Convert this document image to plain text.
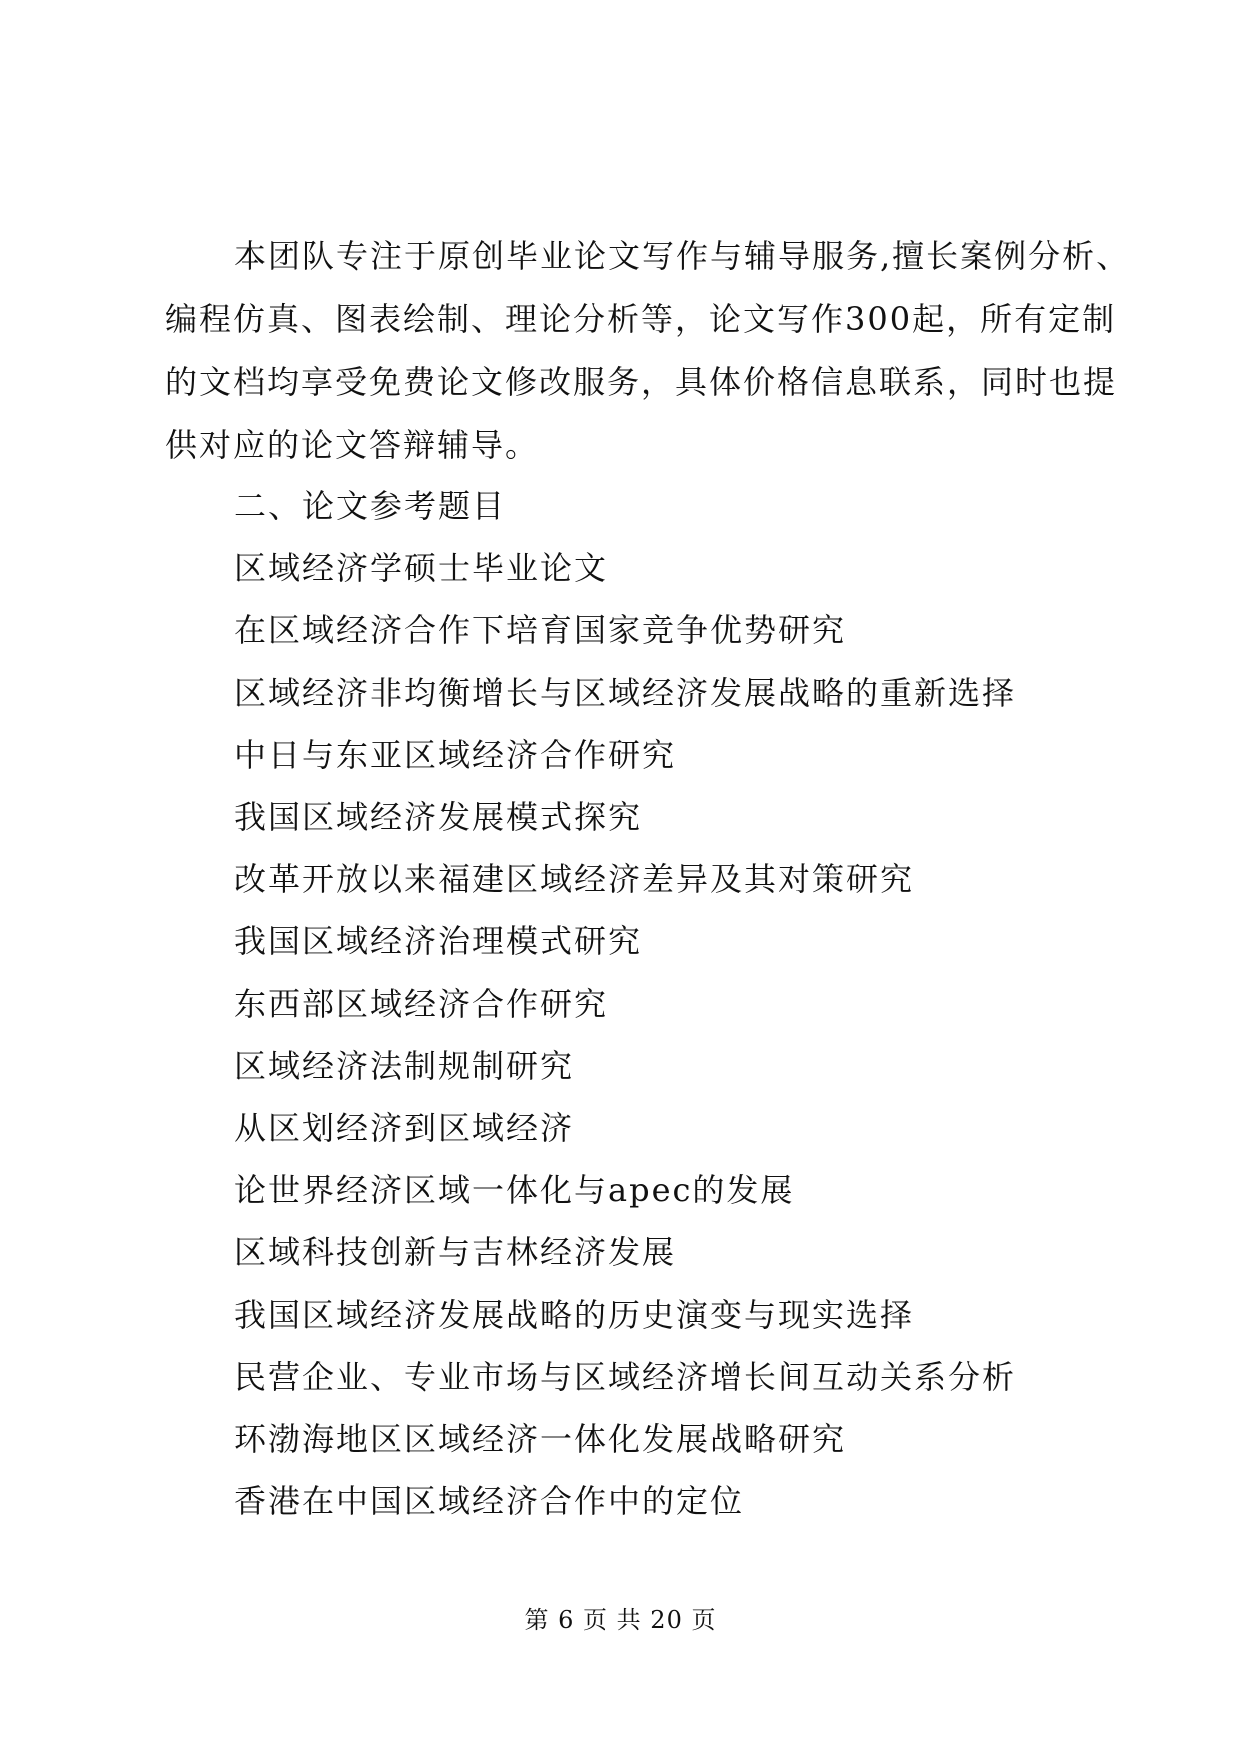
本团队专注于原创毕业论文写作与辅导服务,擅长案例分析、
编程仿真、图表绘制、理论分析等，论文写作300起，所有定制
的文档均享受免费论文修改服务，具体价格信息联系，同时也提
供对应的论文答辩辅导。

二、论文参考题目
区域经济学硕士毕业论文
在区域经济合作下培育国家竞争优势研究
区域经济非均衡增长与区域经济发展战略的重新选择
中日与东亚区域经济合作研究
我国区域经济发展模式探究
改革开放以来福建区域经济差异及其对策研究
我国区域经济治理模式研究
东西部区域经济合作研究
区域经济法制规制研究
从区划经济到区域经济
论世界经济区域一体化与apec的发展
区域科技创新与吉林经济发展
我国区域经济发展战略的历史演变与现实选择
民营企业、专业市场与区域经济增长间互动关系分析
环渤海地区区域经济一体化发展战略研究
香港在中国区域经济合作中的定位
第 6 页 共 20 页
